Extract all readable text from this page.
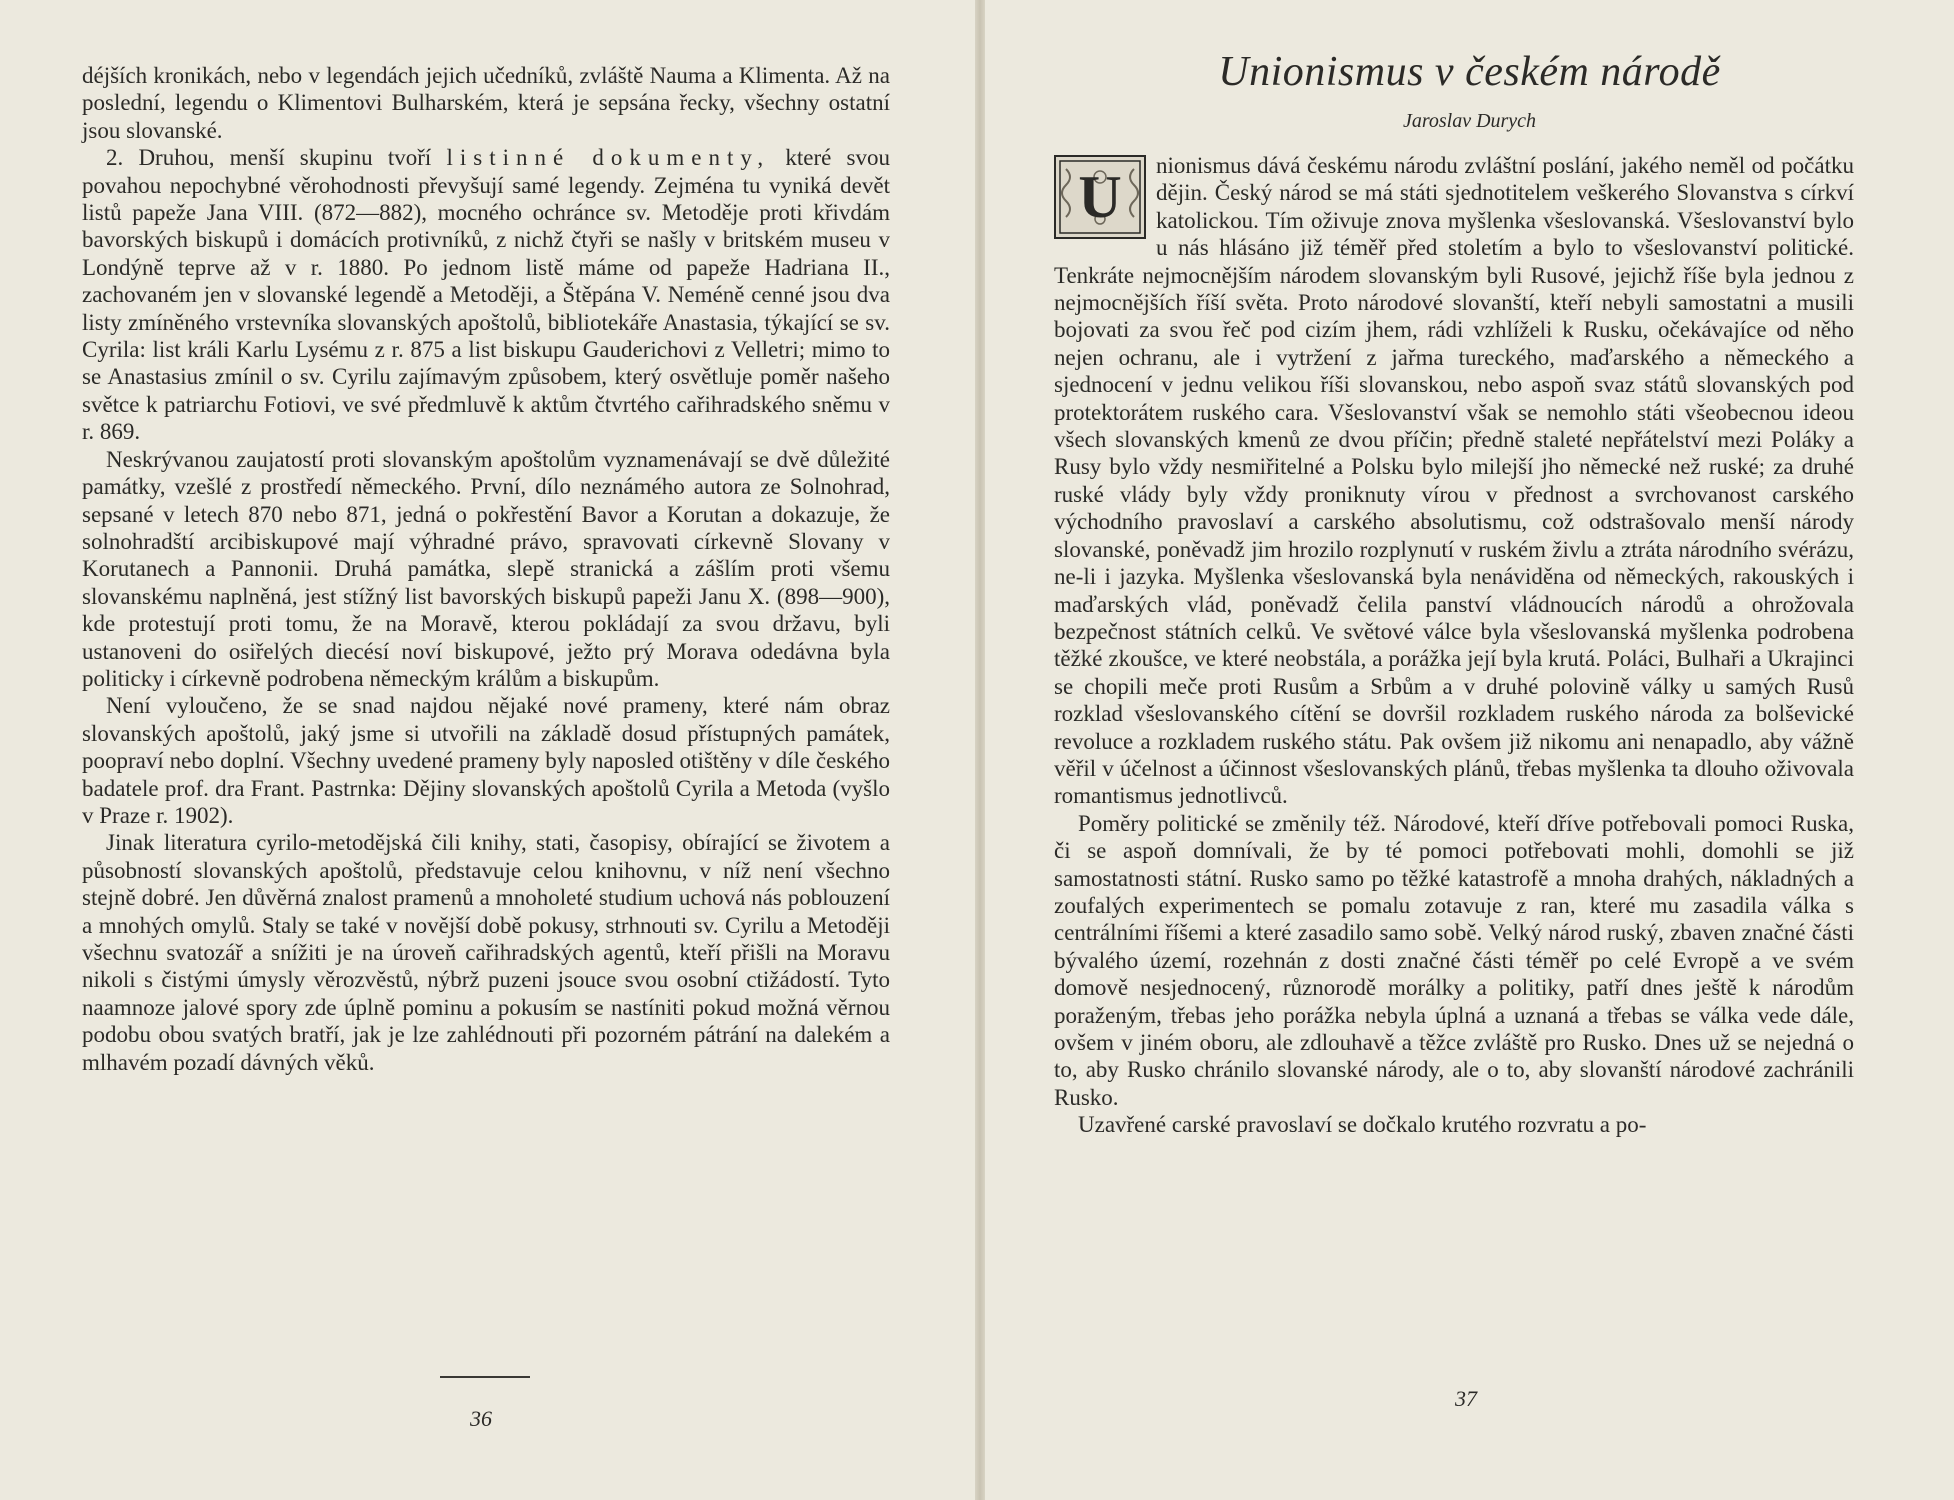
déjších kronikách, nebo v legendách jejich učedníků, zvláště Nauma a Klimenta. Až na poslední, legendu o Klimentovi Bulharském, která je sepsána řecky, všechny ostatní jsou slovanské.

2. Druhou, menší skupinu tvoří listinné dokumenty, které svou povahou nepochybné věrohodnosti převyšují samé legendy. Zejména tu vyniká devět listů papeže Jana VIII. (872—882), mocného ochránce sv. Metoděje proti křivdám bavorských biskupů i domácích protivníků, z nichž čtyři se našly v britském museu v Londýně teprve až v r. 1880. Po jednom listě máme od papeže Hadriana II., zachovaném jen v slovanské legendě a Metoději, a Štěpána V. Neméně cenné jsou dva listy zmíněného vrstevníka slovanských apoštolů, bibliotekáře Anastasia, týkající se sv. Cyrila: list králi Karlu Lysému z r. 875 a list biskupu Gauderichovi z Velletri; mimo to se Anastasius zmínil o sv. Cyrilu zajímavým způsobem, který osvětluje poměr našeho světce k patriarchu Fotiovi, ve své předmluvě k aktům čtvrtého cařihradského sněmu v r. 869.

Neskrývanou zaujatostí proti slovanským apoštolům vyznamenávají se dvě důležité památky, vzešlé z prostředí německého. První, dílo neznámého autora ze Solnohrad, sepsané v letech 870 nebo 871, jedná o pokřestění Bavor a Korutan a dokazuje, že solnohradští arcibiskupové mají výhradné právo, spravovati církevně Slovany v Korutanech a Pannonii. Druhá památka, slepě stranická a zášlím proti všemu slovanskému naplněná, jest stížný list bavorských biskupů papeži Janu X. (898—900), kde protestují proti tomu, že na Moravě, kterou pokládají za svou državu, byli ustanoveni do osiřelých diecésí noví biskupové, ježto prý Morava odedávna byla politicky i církevně podrobena německým králům a biskupům.

Není vyloučeno, že se snad najdou nějaké nové prameny, které nám obraz slovanských apoštolů, jaký jsme si utvořili na základě dosud přístupných památek, poopraví nebo doplní. Všechny uvedené prameny byly naposled otištěny v díle českého badatele prof. dra Frant. Pastrnka: Dějiny slovanských apoštolů Cyrila a Metoda (vyšlo v Praze r. 1902).

Jinak literatura cyrilo-metodějská čili knihy, stati, časopisy, obírající se životem a působností slovanských apoštolů, představuje celou knihovnu, v níž není všechno stejně dobré. Jen důvěrná znalost pramenů a mnoholeté studium uchová nás poblouzení a mnohých omylů. Staly se také v novější době pokusy, strhnouti sv. Cyrilu a Metoději všechnu svatozář a snížiti je na úroveň cařihradských agentů, kteří přišli na Moravu nikoli s čistými úmysly věrozvěstů, nýbrž puzeni jsouce svou osobní ctižádostí. Tyto naamnoze jalové spory zde úplně pominu a pokusím se nastíniti pokud možná věrnou podobu obou svatých bratří, jak je lze zahlédnouti při pozorném pátrání na dalekém a mlhavém pozadí dávných věků.

36
Unionismus v českém národě
Jaroslav Durych

U nionismus dává českému národu zvláštní poslání, jakého neměl od počátku dějin. Český národ se má státi sjednotitelem veškerého Slovanstva s církví katolickou. Tím oživuje znova myšlenka všeslovanská. Všeslovanství bylo u nás hlásáno již téměř před stoletím a bylo to všeslovanství politické. Tenkráte nejmocnějším národem slovanským byli Rusové, jejichž říše byla jednou z nejmocnějších říší světa. Proto národové slovanští, kteří nebyli samostatni a musili bojovati za svou řeč pod cizím jhem, rádi vzhlíželi k Rusku, očekávajíce od něho nejen ochranu, ale i vytržení z jařma tureckého, maďarského a německého a sjednocení v jednu velikou říši slovanskou, nebo aspoň svaz států slovanských pod protektorátem ruského cara. Všeslovanství však se nemohlo státi všeobecnou ideou všech slovanských kmenů ze dvou příčin; předně staleté nepřátelství mezi Poláky a Rusy bylo vždy nesmiřitelné a Polsku bylo milejší jho německé než ruské; za druhé ruské vlády byly vždy proniknuty vírou v přednost a svrchovanost carského východního pravoslaví a carského absolutismu, což odstrašovalo menší národy slovanské, poněvadž jim hrozilo rozplynutí v ruském živlu a ztráta národního svérázu, ne-li i jazyka. Myšlenka všeslovanská byla nenáviděna od německých, rakouských i maďarských vlád, poněvadž čelila panství vládnoucích národů a ohrožovala bezpečnost státních celků. Ve světové válce byla všeslovanská myšlenka podrobena těžké zkoušce, ve které neobstála, a porážka její byla krutá. Poláci, Bulhaři a Ukrajinci se chopili meče proti Rusům a Srbům a v druhé polovině války u samých Rusů rozklad všeslovanského cítění se dovršil rozkladem ruského národa za bolševické revoluce a rozkladem ruského státu. Pak ovšem již nikomu ani nenapadlo, aby vážně věřil v účelnost a účinnost všeslovanských plánů, třebas myšlenka ta dlouho oživovala romantismus jednotlivců.

Poměry politické se změnily též. Národové, kteří dříve potřebovali pomoci Ruska, či se aspoň domnívali, že by té pomoci potřebovati mohli, domohli se již samostatnosti státní. Rusko samo po těžké katastrofě a mnoha drahých, nákladných a zoufalých experimentech se pomalu zotavuje z ran, které mu zasadila válka s centrálními říšemi a které zasadilo samo sobě. Velký národ ruský, zbaven značné části bývalého území, rozehnán z dosti značné části téměř po celé Evropě a ve svém domově nesjednocený, různorodě morálky a politiky, patří dnes ještě k národům poraženým, třebas jeho porážka nebyla úplná a uznaná a třebas se válka vede dále, ovšem v jiném oboru, ale zdlouhavě a těžce zvláště pro Rusko. Dnes už se nejedná o to, aby Rusko chránilo slovanské národy, ale o to, aby slovanští národové zachránili Rusko.

Uzavřené carské pravoslaví se dočkalo krutého rozvratu a po-

37
